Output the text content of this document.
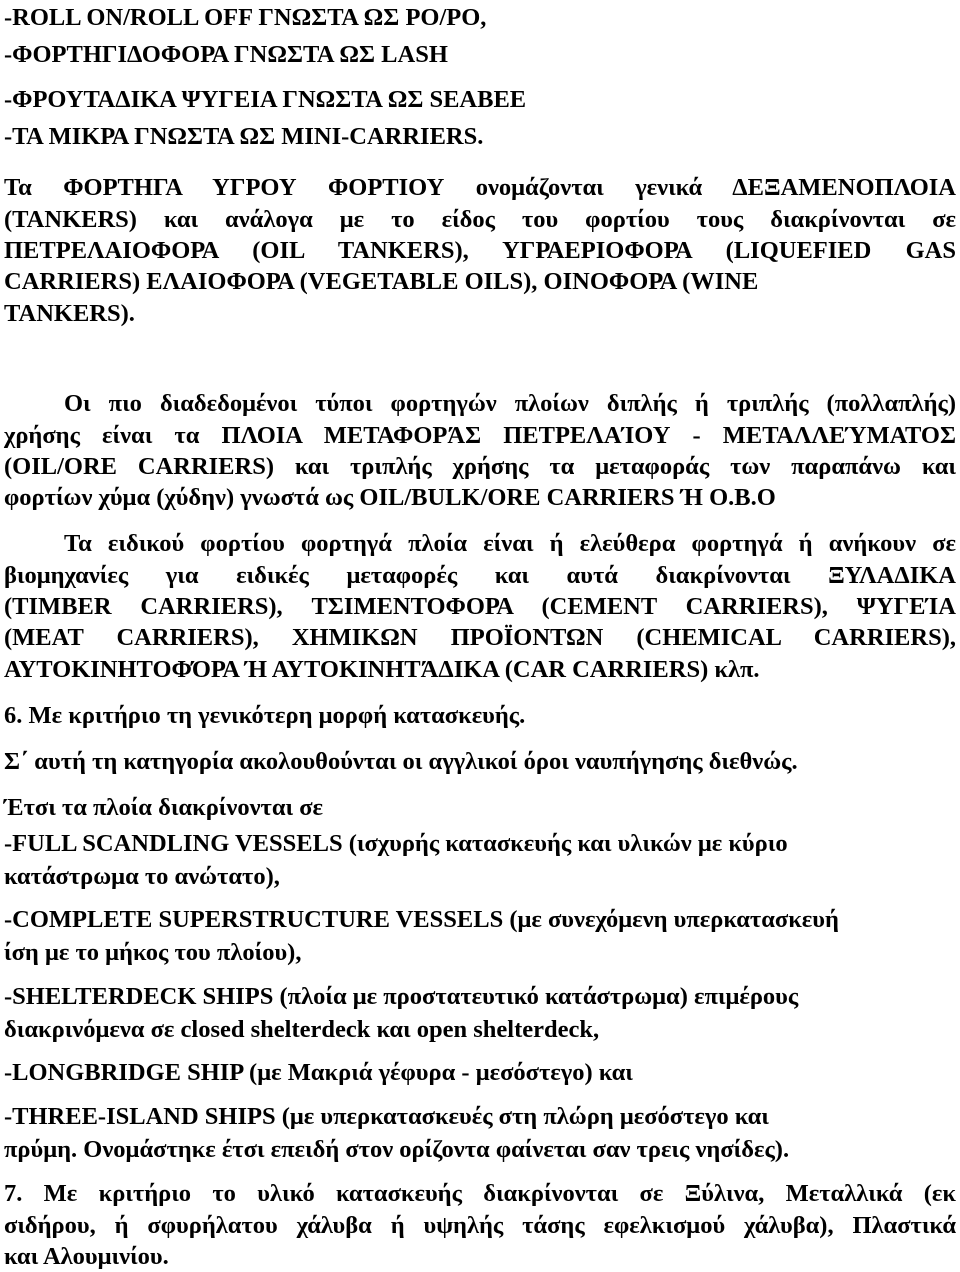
-ROLL ON/ROLL OFF ΓΝΩΣΤΑ ΩΣ ΡΟ/ΡΟ,
-ΦΟΡΤΗΓΙΔΟΦΟΡΑ ΓΝΩΣΤΑ ΩΣ LASH
-ΦΡΟΥΤΑΔΙΚΑ ΨΥΓΕΙΑ ΓΝΩΣΤΑ ΩΣ SEABEE
-ΤΑ ΜΙΚΡΑ ΓΝΩΣΤΑ ΩΣ MINI-CARRIERS.
Τα ΦΟΡΤΗΓΑ ΥΓΡΟΥ ΦΟΡΤΙΟΥ ονομάζονται γενικά ΔΕΞΑΜΕΝΟΠΛΟΙΑ
(TANKERS) και ανάλογα με το είδος του φορτίου τους διακρίνονται σε
ΠΕΤΡΕΛΑΙΟΦΟΡΑ (OIL TANKERS), ΥΓΡΑΕΡΙΟΦΟΡΑ (LIQUEFIED GAS
CARRIERS) ΕΛΑΙΟΦΟΡΑ (VEGETABLE OILS), ΟΙΝΟΦΟΡΑ (WINE
TANKERS).
Οι πιο διαδεδομένοι τύποι φορτηγών πλοίων διπλής ή τριπλής (πολλαπλής)
χρήσης είναι τα ΠΛΟΙΑ ΜΕΤΑΦΟΡΆΣ ΠΕΤΡΕΛΑΊΟΥ - ΜΕΤΑΛΛΕΎΜΑΤΟΣ
(OIL/ORE CARRIERS) και τριπλής χρήσης τα μεταφοράς των παραπάνω και
φορτίων χύμα (χύδην) γνωστά ως OIL/BULK/ORE CARRIERS Ή O.B.O
Τα ειδικού φορτίου φορτηγά πλοία είναι ή ελεύθερα φορτηγά ή ανήκουν σε
βιομηχανίες για ειδικές μεταφορές και αυτά διακρίνονται ΞΥΛΑΔΙΚΑ
(TIMBER CARRIERS), ΤΣΙΜΕΝΤΟΦΟΡΑ (CEMENT CARRIERS), ΨΥΓΕΊΑ
(MEAT CARRIERS), ΧΗΜΙΚΩΝ ΠΡΟΪΟΝΤΩΝ (CHEMICAL CARRIERS),
ΑΥΤΟΚΙΝΗΤΟΦΌΡΑ Ή ΑΥΤΟΚΙΝΗΤΆΔΙΚΑ (CAR CARRIERS) κλπ.
6. Με κριτήριο τη γενικότερη μορφή κατασκευής.
Σ΄ αυτή τη κατηγορία ακολουθούνται οι αγγλικοί όροι ναυπήγησης διεθνώς.
Έτσι τα πλοία διακρίνονται σε
-FULL SCANDLING VESSELS (ισχυρής κατασκευής και υλικών με κύριο
κατάστρωμα το ανώτατο),
-COMPLETE SUPERSTRUCTURE VESSELS (με συνεχόμενη υπερκατασκευή
ίση με το μήκος του πλοίου),
-SHELTERDECK SHIPS (πλοία με προστατευτικό κατάστρωμα) επιμέρους
διακρινόμενα σε closed shelterdeck και open shelterdeck,
-LONGBRIDGE SHIP (με Μακριά γέφυρα - μεσόστεγο) και
-THREE-ISLAND SHIPS (με υπερκατασκευές στη πλώρη μεσόστεγο και
πρύμη. Ονομάστηκε έτσι επειδή στον ορίζοντα φαίνεται σαν τρεις νησίδες).
7. Με κριτήριο το υλικό κατασκευής διακρίνονται σε Ξύλινα, Μεταλλικά (εκ
σιδήρου, ή σφυρήλατου χάλυβα ή υψηλής τάσης εφελκισμού χάλυβα), Πλαστικά
και Αλουμινίου.
